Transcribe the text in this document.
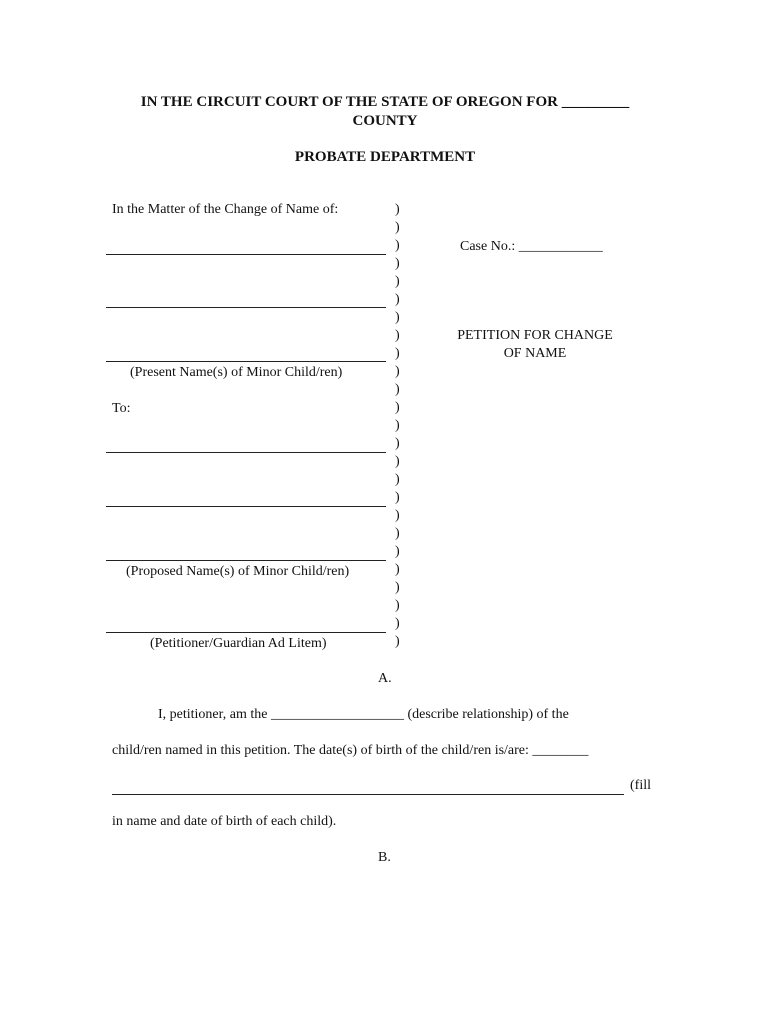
IN THE CIRCUIT COURT OF THE STATE OF OREGON FOR _________
COUNTY
PROBATE DEPARTMENT
In the Matter of the Change of Name of:
(Present Name(s) of Minor Child/ren)
To:
(Proposed Name(s) of Minor Child/ren)
(Petitioner/Guardian Ad Litem)
)
)
)
)
)
)
)
)
)
)
)
)
)
)
)
)
)
)
)
)
)
)
)
)
)
Case No.: ____________
PETITION FOR CHANGE
OF NAME
A.
I, petitioner, am the ___________________ (describe relationship) of the
child/ren named in this petition. The date(s) of birth of the child/ren is/are: ________
(fill
in name and date of birth of each child).
B.
